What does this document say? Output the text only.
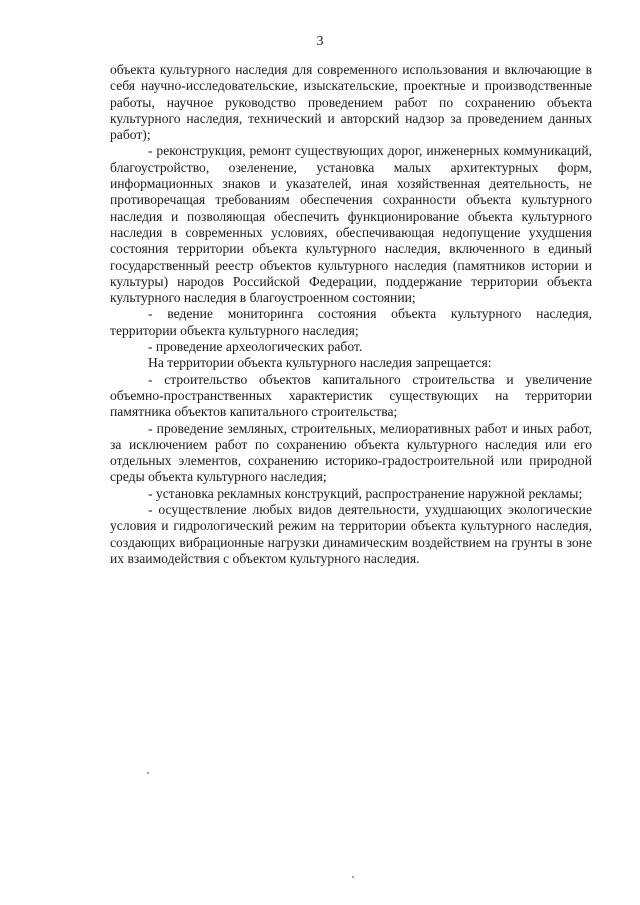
3

объекта культурного наследия для современного использования и включающие в себя научно-исследовательские, изыскательские, проектные и производственные работы, научное руководство проведением работ по сохранению объекта культурного наследия, технический и авторский надзор за проведением данных работ);

- реконструкция, ремонт существующих дорог, инженерных коммуникаций, благоустройство, озеленение, установка малых архитектурных форм, информационных знаков и указателей, иная хозяйственная деятельность, не противоречащая требованиям обеспечения сохранности объекта культурного наследия и позволяющая обеспечить функционирование объекта культурного наследия в современных условиях, обеспечивающая недопущение ухудшения состояния территории объекта культурного наследия, включенного в единый государственный реестр объектов культурного наследия (памятников истории и культуры) народов Российской Федерации, поддержание территории объекта культурного наследия в благоустроенном состоянии;

- ведение мониторинга состояния объекта культурного наследия, территории объекта культурного наследия;

- проведение археологических работ.

На территории объекта культурного наследия запрещается:

- строительство объектов капитального строительства и увеличение объемно-пространственных характеристик существующих на территории памятника объектов капитального строительства;

- проведение земляных, строительных, мелиоративных работ и иных работ, за исключением работ по сохранению объекта культурного наследия или его отдельных элементов, сохранению историко-градостроительной или природной среды объекта культурного наследия;

- установка рекламных конструкций, распространение наружной рекламы;

- осуществление любых видов деятельности, ухудшающих экологические условия и гидрологический режим на территории объекта культурного наследия, создающих вибрационные нагрузки динамическим воздействием на грунты в зоне их взаимодействия с объектом культурного наследия.
